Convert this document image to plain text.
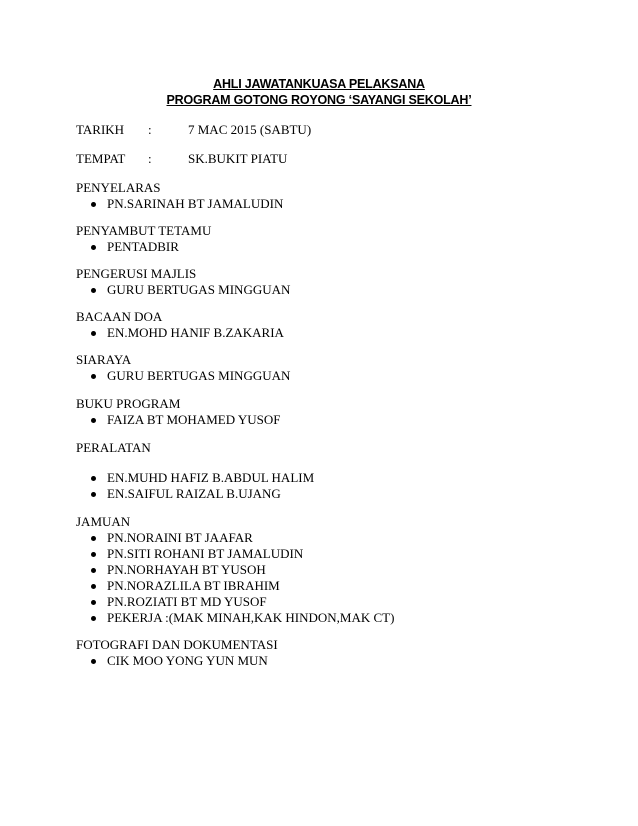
AHLI JAWATANKUASA PELAKSANA
PROGRAM GOTONG ROYONG ‘SAYANGI SEKOLAH’
TARIKH :	7 MAC 2015 (SABTU)
TEMPAT :	SK.BUKIT PIATU
PENYELARAS
PN.SARINAH BT JAMALUDIN
PENYAMBUT TETAMU
PENTADBIR
PENGERUSI MAJLIS
GURU BERTUGAS MINGGUAN
BACAAN DOA
EN.MOHD HANIF B.ZAKARIA
SIARAYA
GURU BERTUGAS MINGGUAN
BUKU PROGRAM
FAIZA BT MOHAMED YUSOF
PERALATAN
EN.MUHD HAFIZ B.ABDUL HALIM
EN.SAIFUL RAIZAL B.UJANG
JAMUAN
PN.NORAINI BT JAAFAR
PN.SITI ROHANI BT JAMALUDIN
PN.NORHAYAH BT YUSOH
PN.NORAZLILA BT IBRAHIM
PN.ROZIATI BT MD YUSOF
PEKERJA :(MAK MINAH,KAK HINDON,MAK CT)
FOTOGRAFI DAN DOKUMENTASI
CIK MOO YONG YUN MUN
